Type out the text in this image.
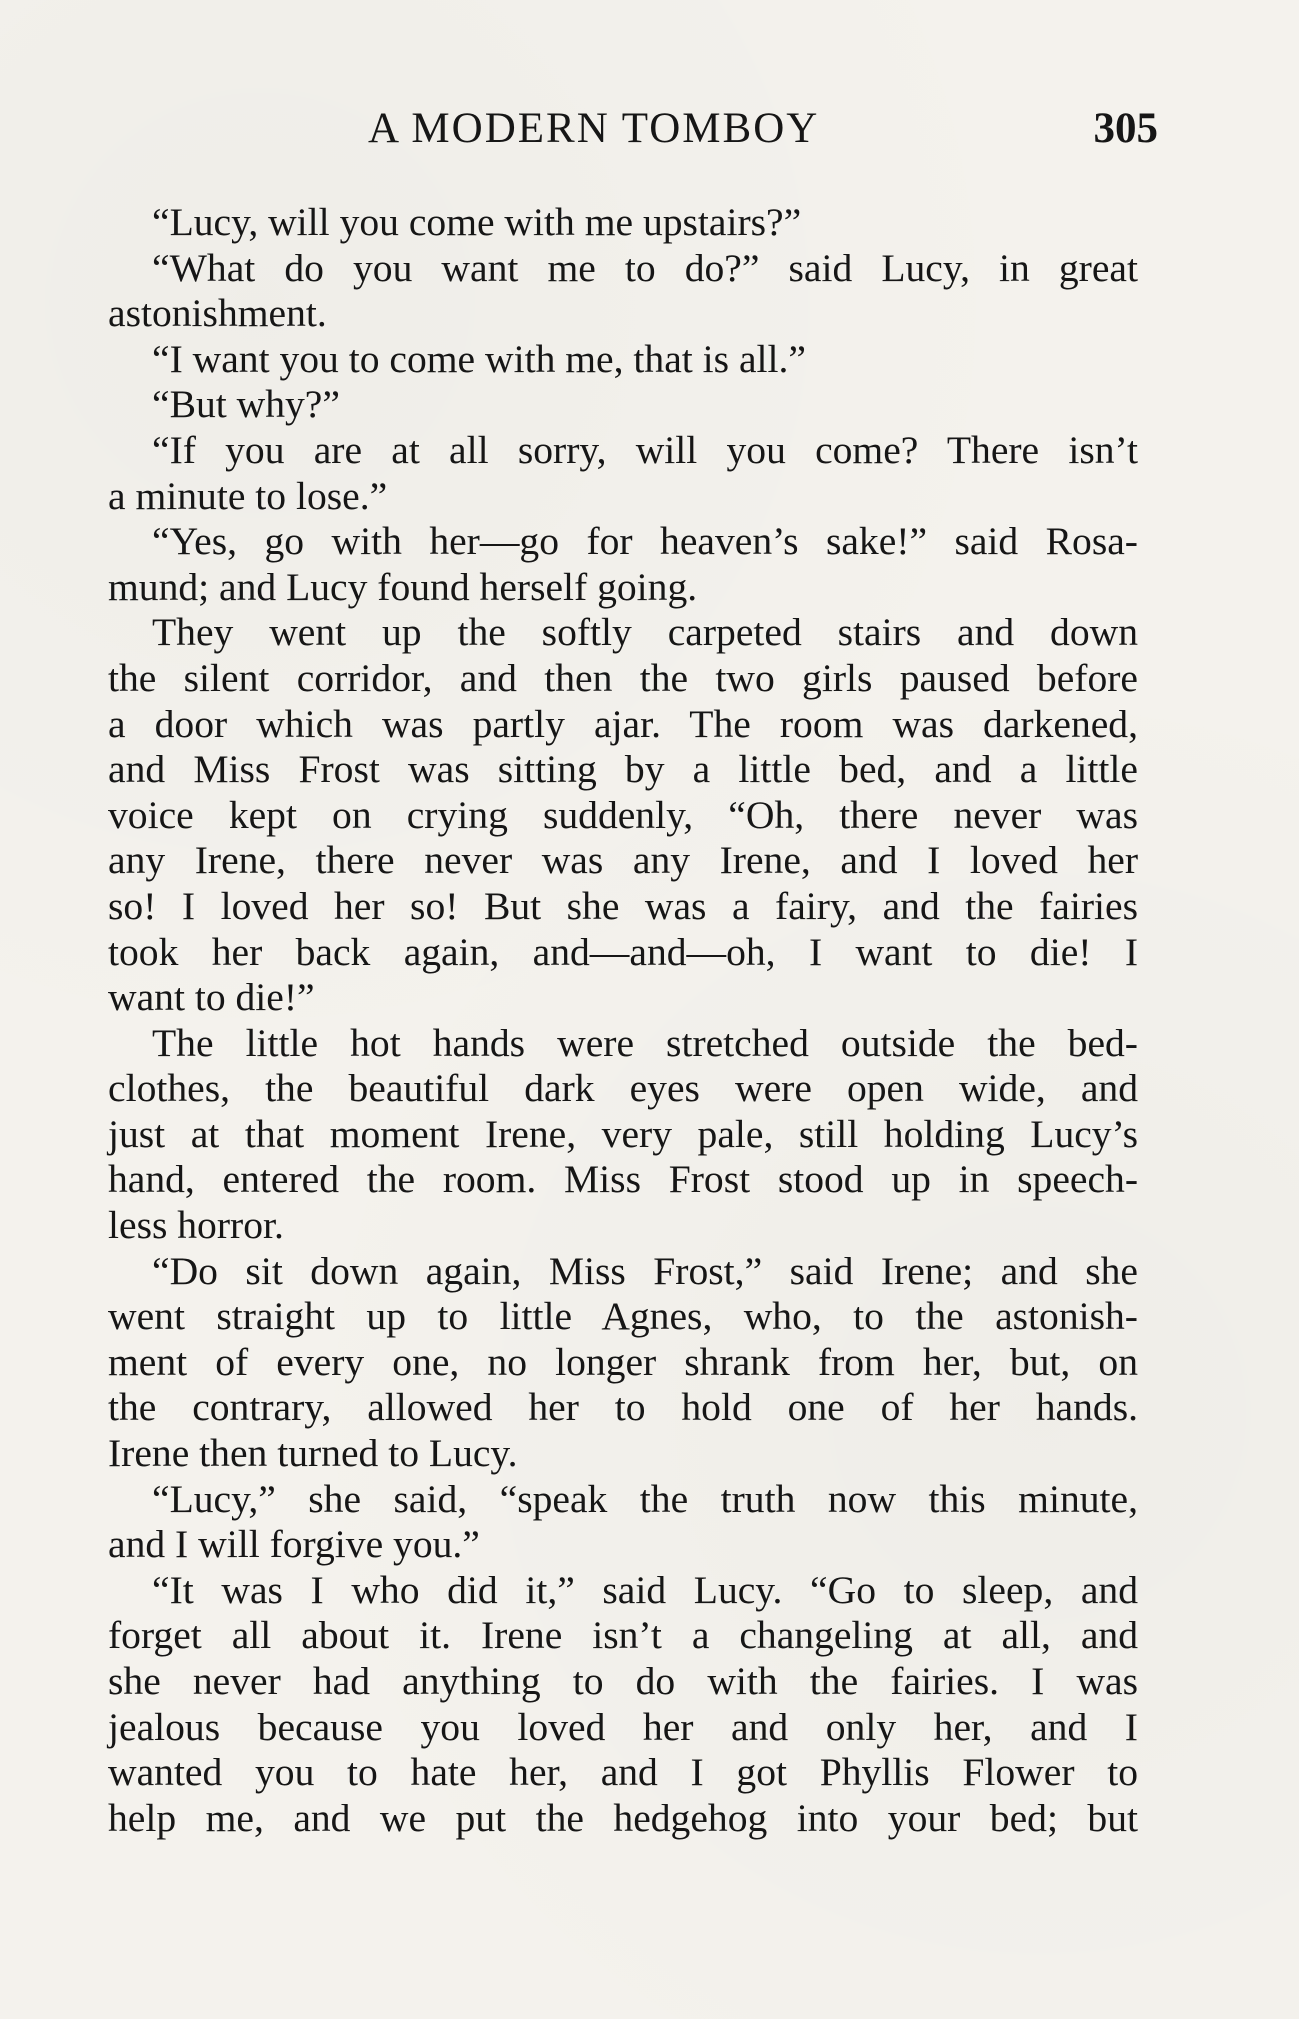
A MODERN TOMBOY	305
“Lucy, will you come with me upstairs?”
“What do you want me to do?” said Lucy, in great
astonishment.
“I want you to come with me, that is all.”
“But why?”
“If you are at all sorry, will you come? There isn’t
a minute to lose.”
“Yes, go with her—go for heaven’s sake!” said Rosa-
mund; and Lucy found herself going.
They went up the softly carpeted stairs and down
the silent corridor, and then the two girls paused before
a door which was partly ajar. The room was darkened,
and Miss Frost was sitting by a little bed, and a little
voice kept on crying suddenly, “Oh, there never was
any Irene, there never was any Irene, and I loved her
so! I loved her so! But she was a fairy, and the fairies
took her back again, and—and—oh, I want to die! I
want to die!”
The little hot hands were stretched outside the bed-
clothes, the beautiful dark eyes were open wide, and
just at that moment Irene, very pale, still holding Lucy’s
hand, entered the room. Miss Frost stood up in speech-
less horror.
“Do sit down again, Miss Frost,” said Irene; and she
went straight up to little Agnes, who, to the astonish-
ment of every one, no longer shrank from her, but, on
the contrary, allowed her to hold one of her hands.
Irene then turned to Lucy.
“Lucy,” she said, “speak the truth now this minute,
and I will forgive you.”
“It was I who did it,” said Lucy. “Go to sleep, and
forget all about it. Irene isn’t a changeling at all, and
she never had anything to do with the fairies. I was
jealous because you loved her and only her, and I
wanted you to hate her, and I got Phyllis Flower to
help me, and we put the hedgehog into your bed; but
